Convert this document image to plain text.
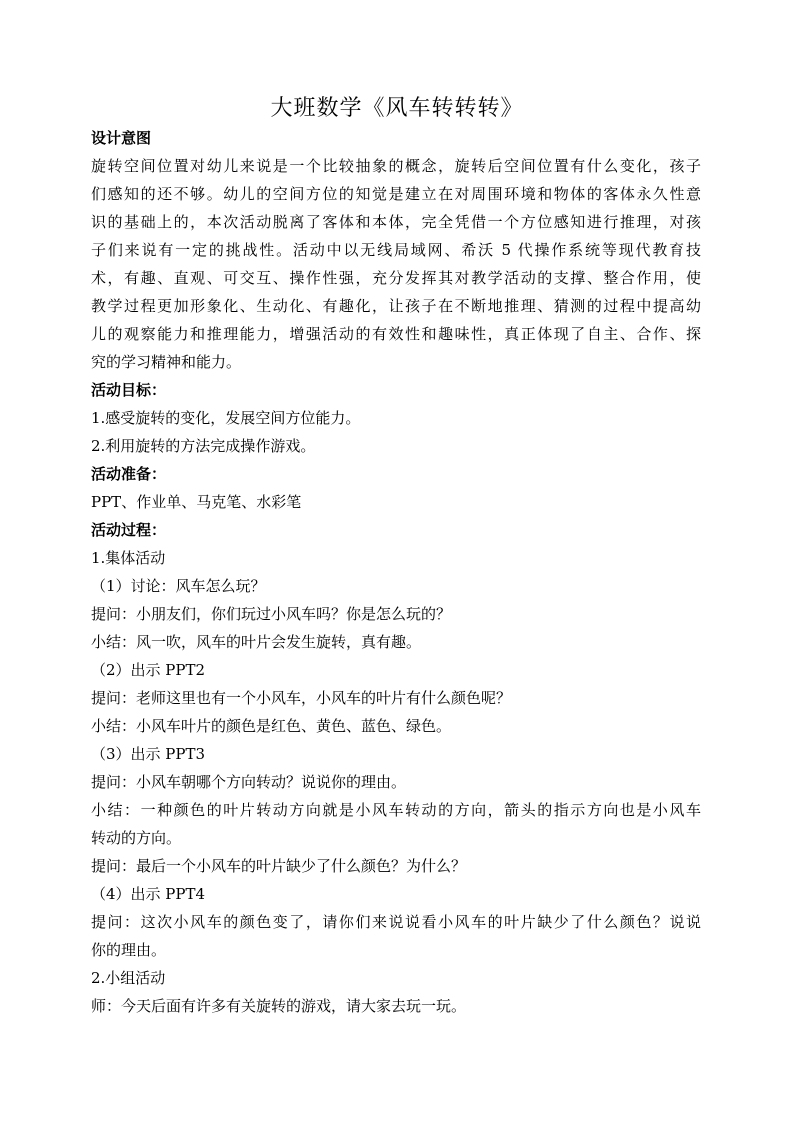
大班数学《风车转转转》
设计意图
旋转空间位置对幼儿来说是一个比较抽象的概念，旋转后空间位置有什么变化，孩子
们感知的还不够。幼儿的空间方位的知觉是建立在对周围环境和物体的客体永久性意
识的基础上的，本次活动脱离了客体和本体，完全凭借一个方位感知进行推理，对孩
子们来说有一定的挑战性。活动中以无线局域网、希沃 5 代操作系统等现代教育技
术，有趣、直观、可交互、操作性强，充分发挥其对教学活动的支撑、整合作用，使
教学过程更加形象化、生动化、有趣化，让孩子在不断地推理、猜测的过程中提高幼
儿的观察能力和推理能力，增强活动的有效性和趣味性，真正体现了自主、合作、探
究的学习精神和能力。
活动目标：
1.感受旋转的变化，发展空间方位能力。
2.利用旋转的方法完成操作游戏。
活动准备：
PPT、作业单、马克笔、水彩笔
活动过程：
1.集体活动
（1）讨论：风车怎么玩？
提问：小朋友们，你们玩过小风车吗？你是怎么玩的？
小结：风一吹，风车的叶片会发生旋转，真有趣。
（2）出示 PPT2
提问：老师这里也有一个小风车，小风车的叶片有什么颜色呢？
小结：小风车叶片的颜色是红色、黄色、蓝色、绿色。
（3）出示 PPT3
提问：小风车朝哪个方向转动？说说你的理由。
小结：一种颜色的叶片转动方向就是小风车转动的方向，箭头的指示方向也是小风车
转动的方向。
提问：最后一个小风车的叶片缺少了什么颜色？为什么？
（4）出示 PPT4
提问：这次小风车的颜色变了，请你们来说说看小风车的叶片缺少了什么颜色？说说
你的理由。
2.小组活动
师：今天后面有许多有关旋转的游戏，请大家去玩一玩。
